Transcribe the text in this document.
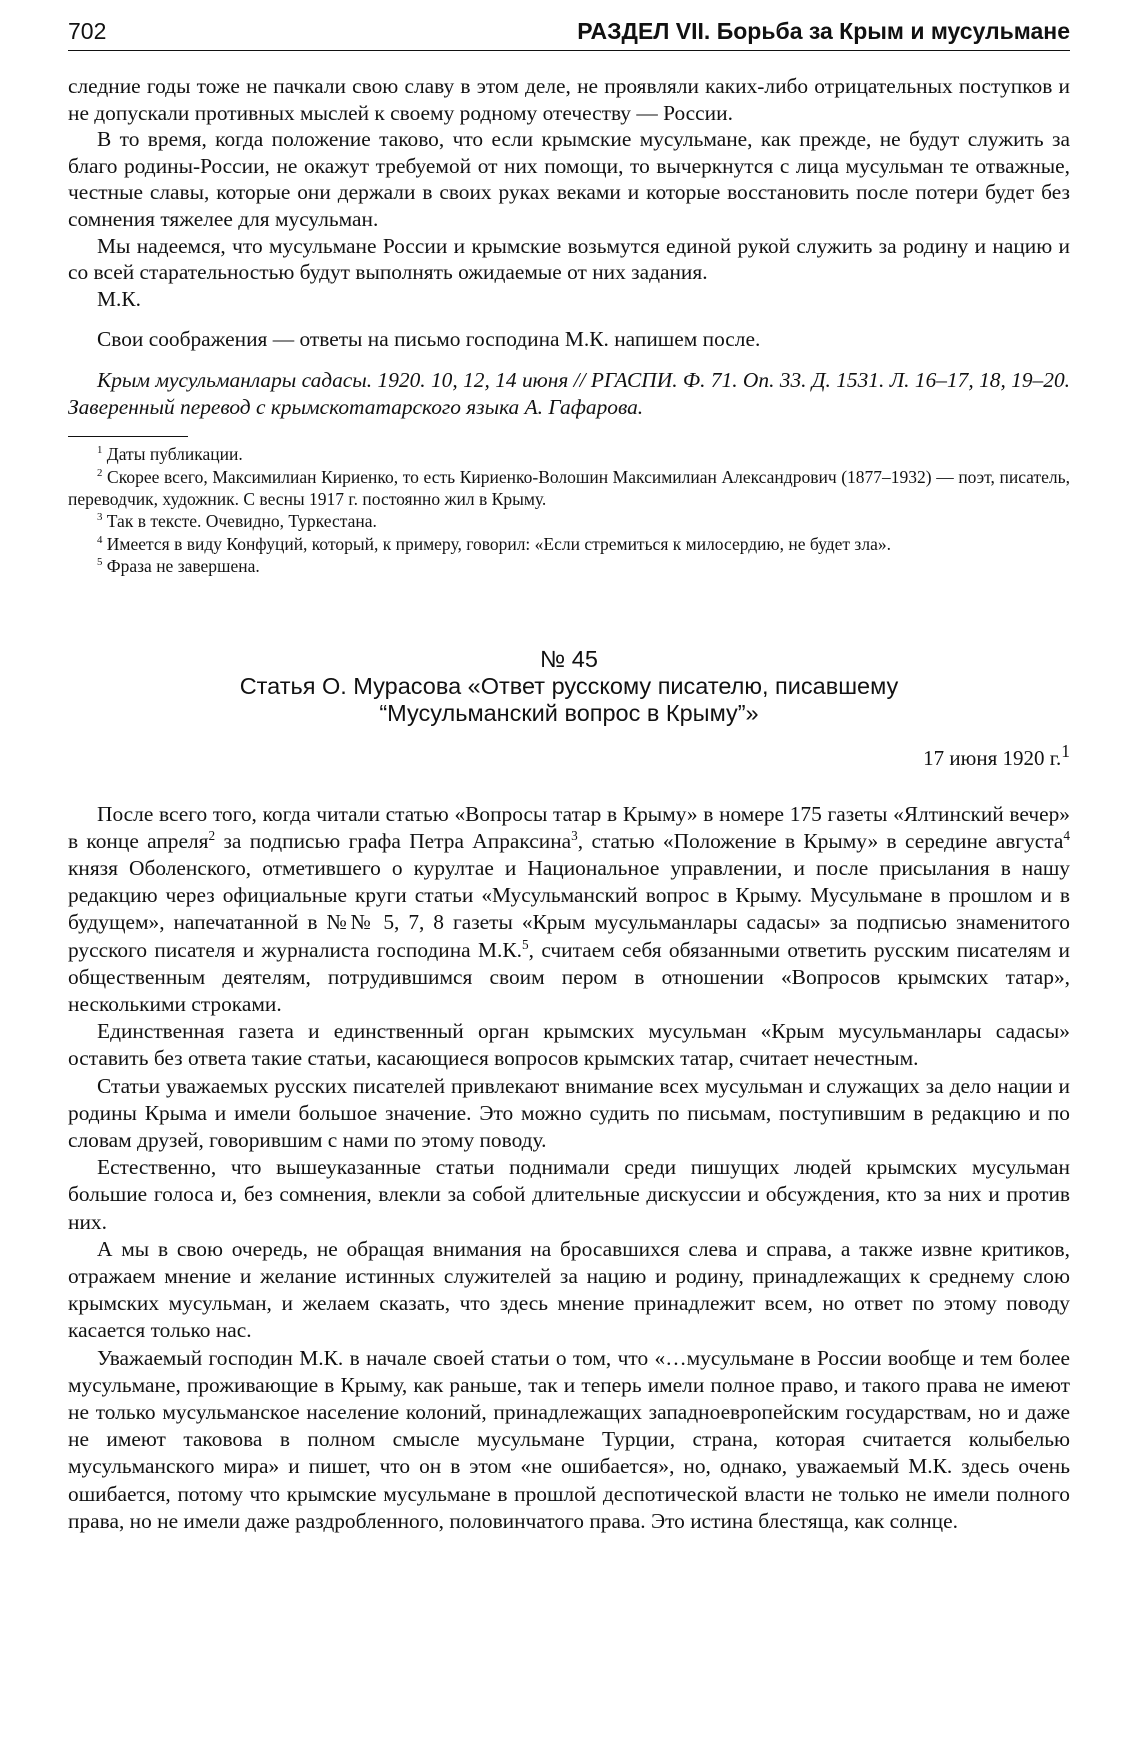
702	РАЗДЕЛ VII. Борьба за Крым и мусульмане

следние годы тоже не пачкали свою славу в этом деле, не проявляли каких-либо отрицательных поступков и не допускали противных мыслей к своему родному отечеству — России.

В то время, когда положение таково, что если крымские мусульмане, как прежде, не будут служить за благо родины-России, не окажут требуемой от них помощи, то вычеркнутся с лица мусульман те отважные, честные славы, которые они держали в своих руках веками и которые восстановить после потери будет без сомнения тяжелее для мусульман.

Мы надеемся, что мусульмане России и крымские возьмутся единой рукой служить за родину и нацию и со всей старательностью будут выполнять ожидаемые от них задания.

М.К.

Свои соображения — ответы на письмо господина М.К. напишем после.

Крым мусульманлары садасы. 1920. 10, 12, 14 июня // РГАСПИ. Ф. 71. Оп. 33. Д. 1531. Л. 16–17, 18, 19–20. Заверенный перевод с крымскотатарского языка А. Гафарова.

$^1$ Даты публикации.

$^2$ Скорее всего, Максимилиан Кириенко, то есть Кириенко-Волошин Максимилиан Александрович (1877–1932) — поэт, писатель, переводчик, художник. С весны 1917 г. постоянно жил в Крыму.

$^3$ Так в тексте. Очевидно, Туркестана.

$^4$ Имеется в виду Конфуций, который, к примеру, говорил: «Если стремиться к милосердию, не будет зла».

$^5$ Фраза не завершена.

№ 45
Статья О. Мурасова «Ответ русскому писателю, писавшему
“Мусульманский вопрос в Крыму”»
17 июня 1920 г.$^1$

После всего того, когда читали статью «Вопросы татар в Крыму» в номере 175 газеты «Ялтинский вечер» в конце апреля$^2$ за подписью графа Петра Апраксина$^3$, статью «Положение в Крыму» в середине августа$^4$ князя Оболенского, отметившего о курултае и Национальное управлении, и после присылания в нашу редакцию через официальные круги статьи «Мусульманский вопрос в Крыму. Мусульмане в прошлом и в будущем», напечатанной в №№ 5, 7, 8 газеты «Крым мусульманлары садасы» за подписью знаменитого русского писателя и журналиста господина М.К.$^5$, считаем себя обязанными ответить русским писателям и общественным деятелям, потрудившимся своим пером в отношении «Вопросов крымских татар», несколькими строками.

Единственная газета и единственный орган крымских мусульман «Крым мусульманлары садасы» оставить без ответа такие статьи, касающиеся вопросов крымских татар, считает нечестным.

Статьи уважаемых русских писателей привлекают внимание всех мусульман и служащих за дело нации и родины Крыма и имели большое значение. Это можно судить по письмам, поступившим в редакцию и по словам друзей, говорившим с нами по этому поводу.

Естественно, что вышеуказанные статьи поднимали среди пишущих людей крымских мусульман большие голоса и, без сомнения, влекли за собой длительные дискуссии и обсуждения, кто за них и против них.

А мы в свою очередь, не обращая внимания на бросавшихся слева и справа, а также извне критиков, отражаем мнение и желание истинных служителей за нацию и родину, принадлежащих к среднему слою крымских мусульман, и желаем сказать, что здесь мнение принадлежит всем, но ответ по этому поводу касается только нас.

Уважаемый господин М.К. в начале своей статьи о том, что «…мусульмане в России вообще и тем более мусульмане, проживающие в Крыму, как раньше, так и теперь имели полное право, и такого права не имеют не только мусульманское население колоний, принадлежащих западноевропейским государствам, но и даже не имеют таковова в полном смысле мусульмане Турции, страна, которая считается колыбелью мусульманского мира» и пишет, что он в этом «не ошибается», но, однако, уважаемый М.К. здесь очень ошибается, потому что крымские мусульмане в прошлой деспотической власти не только не имели полного права, но не имели даже раздробленного, половинчатого права. Это истина блестяща, как солнце.
